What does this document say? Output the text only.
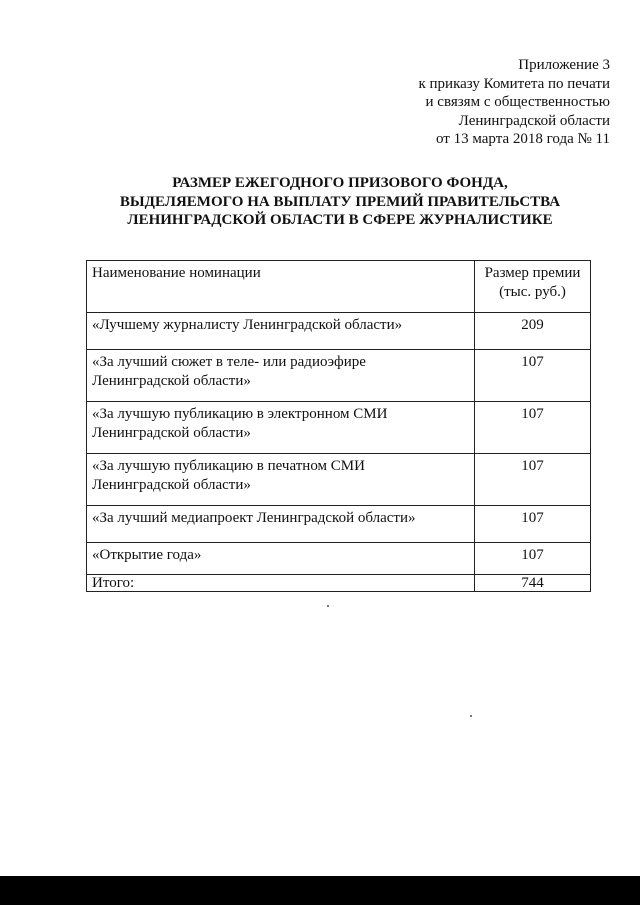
Приложение 3
к приказу Комитета по печати
и связям с общественностью
Ленинградской области
от 13 марта 2018 года № 11
РАЗМЕР ЕЖЕГОДНОГО ПРИЗОВОГО ФОНДА,
ВЫДЕЛЯЕМОГО НА ВЫПЛАТУ ПРЕМИЙ ПРАВИТЕЛЬСТВА
ЛЕНИНГРАДСКОЙ ОБЛАСТИ В СФЕРЕ ЖУРНАЛИСТИКЕ
Наименование номинации	Размер премии
(тыс. руб.)

«Лучшему журналисту Ленинградской области»	209

«За лучший сюжет в теле- или радиоэфире
Ленинградской области»	107

«За лучшую публикацию в электронном СМИ
Ленинградской области»	107

«За лучшую публикацию в печатном СМИ
Ленинградской области»	107

«За лучший медиапроект Ленинградской области»	107

«Открытие года»	107
Итого:	744
